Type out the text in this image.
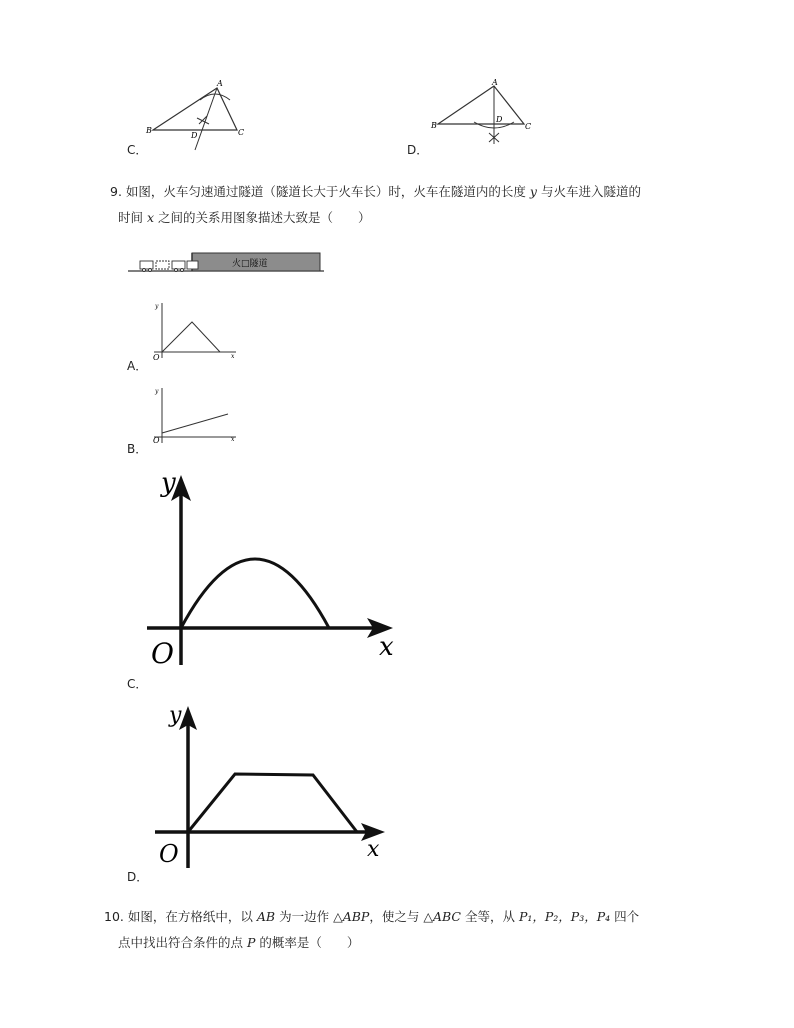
A
B	C
D
C．
A
B	C
D
D．
9. 如图，火车匀速通过隧道（隧道长大于火车长）时，火车在隧道内的长度 y 与火车进入隧道的
时间 x 之间的关系用图象描述大致是（　　）
火□隧道
y
x
O
A．
y
x
O
B．
y
x
O
C．
y
x
O
D．
10. 如图，在方格纸中，以 AB 为一边作 △ABP，使之与 △ABC 全等，从 P₁，P₂，P₃，P₄ 四个
点中找出符合条件的点 P 的概率是（　　）
